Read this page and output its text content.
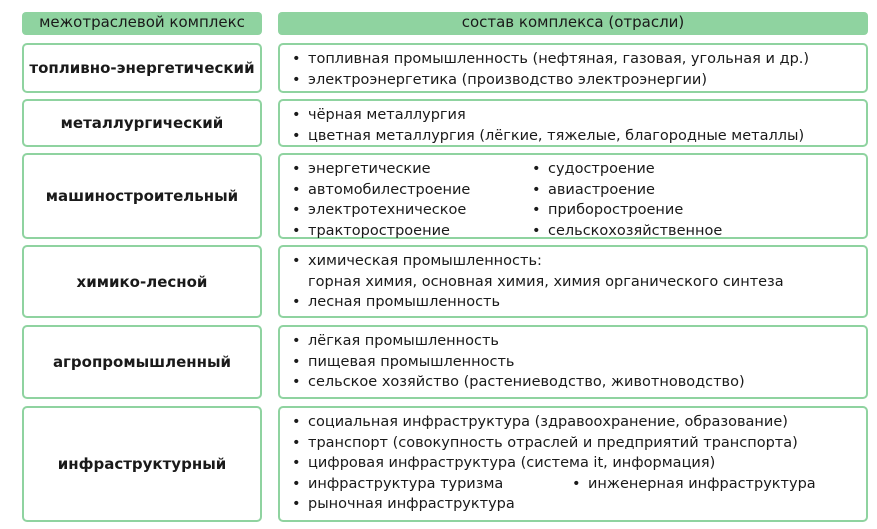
межотраслевой комплекс	состав комплекса (отрасли)
топливно-энергетический	• топливная промышленность (нефтяная, газовая, угольная и др.)
• электроэнергетика (производство электроэнергии)
металлургический	• чёрная металлургия
• цветная металлургия (лёгкие, тяжелые, благородные металлы)
машиностроительный
• энергетические
• автомобилестроение
• электротехническое
• тракторостроение
• судостроение
• авиастроение
• приборостроение
• сельскохозяйственное
химико-лесной
• химическая промышленность:
горная химия, основная химия, химия органического синтеза
• лесная промышленность
агропромышленный
• лёгкая промышленность
• пищевая промышленность
• сельское хозяйство (растениеводство, животноводство)
инфраструктурный
• социальная инфраструктура (здравоохранение, образование)
• транспорт (совокупность отраслей и предприятий транспорта)
• цифровая инфраструктура (система it, информация)
• инфраструктура туризма
• рыночная инфраструктура
• инженерная инфраструктура
